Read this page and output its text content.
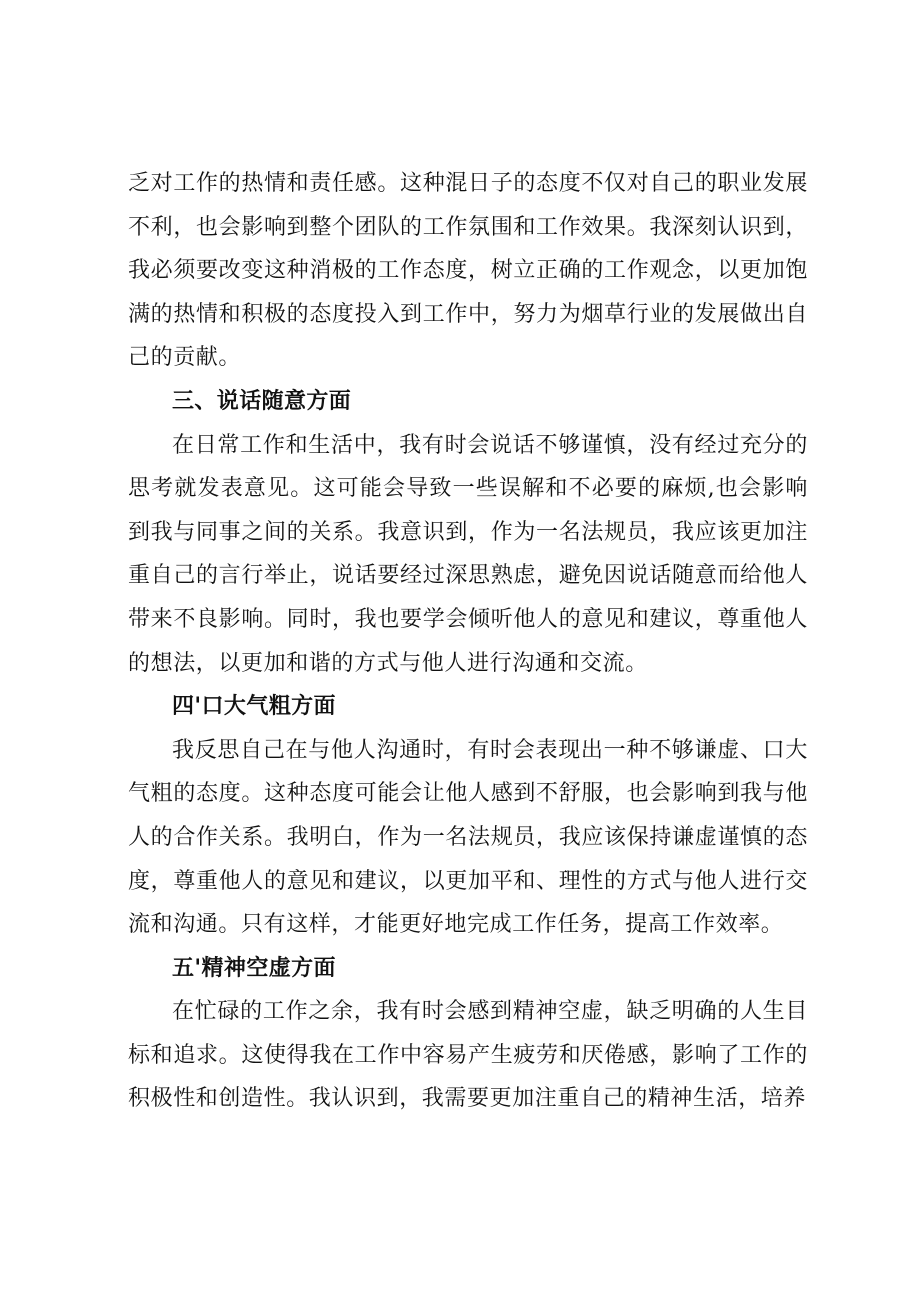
乏对工作的热情和责任感。这种混日子的态度不仅对自己的职业发展不利，也会影响到整个团队的工作氛围和工作效果。我深刻认识到，我必须要改变这种消极的工作态度，树立正确的工作观念，以更加饱满的热情和积极的态度投入到工作中，努力为烟草行业的发展做出自己的贡献。

三、说话随意方面

在日常工作和生活中，我有时会说话不够谨慎，没有经过充分的思考就发表意见。这可能会导致一些误解和不必要的麻烦,也会影响到我与同事之间的关系。我意识到，作为一名法规员，我应该更加注重自己的言行举止，说话要经过深思熟虑，避免因说话随意而给他人带来不良影响。同时，我也要学会倾听他人的意见和建议，尊重他人的想法，以更加和谐的方式与他人进行沟通和交流。

四'口大气粗方面

我反思自己在与他人沟通时，有时会表现出一种不够谦虚、口大气粗的态度。这种态度可能会让他人感到不舒服，也会影响到我与他人的合作关系。我明白，作为一名法规员，我应该保持谦虚谨慎的态度，尊重他人的意见和建议，以更加平和、理性的方式与他人进行交流和沟通。只有这样，才能更好地完成工作任务，提高工作效率。

五'精神空虚方面

在忙碌的工作之余，我有时会感到精神空虚，缺乏明确的人生目标和追求。这使得我在工作中容易产生疲劳和厌倦感，影响了工作的积极性和创造性。我认识到，我需要更加注重自己的精神生活，培养
